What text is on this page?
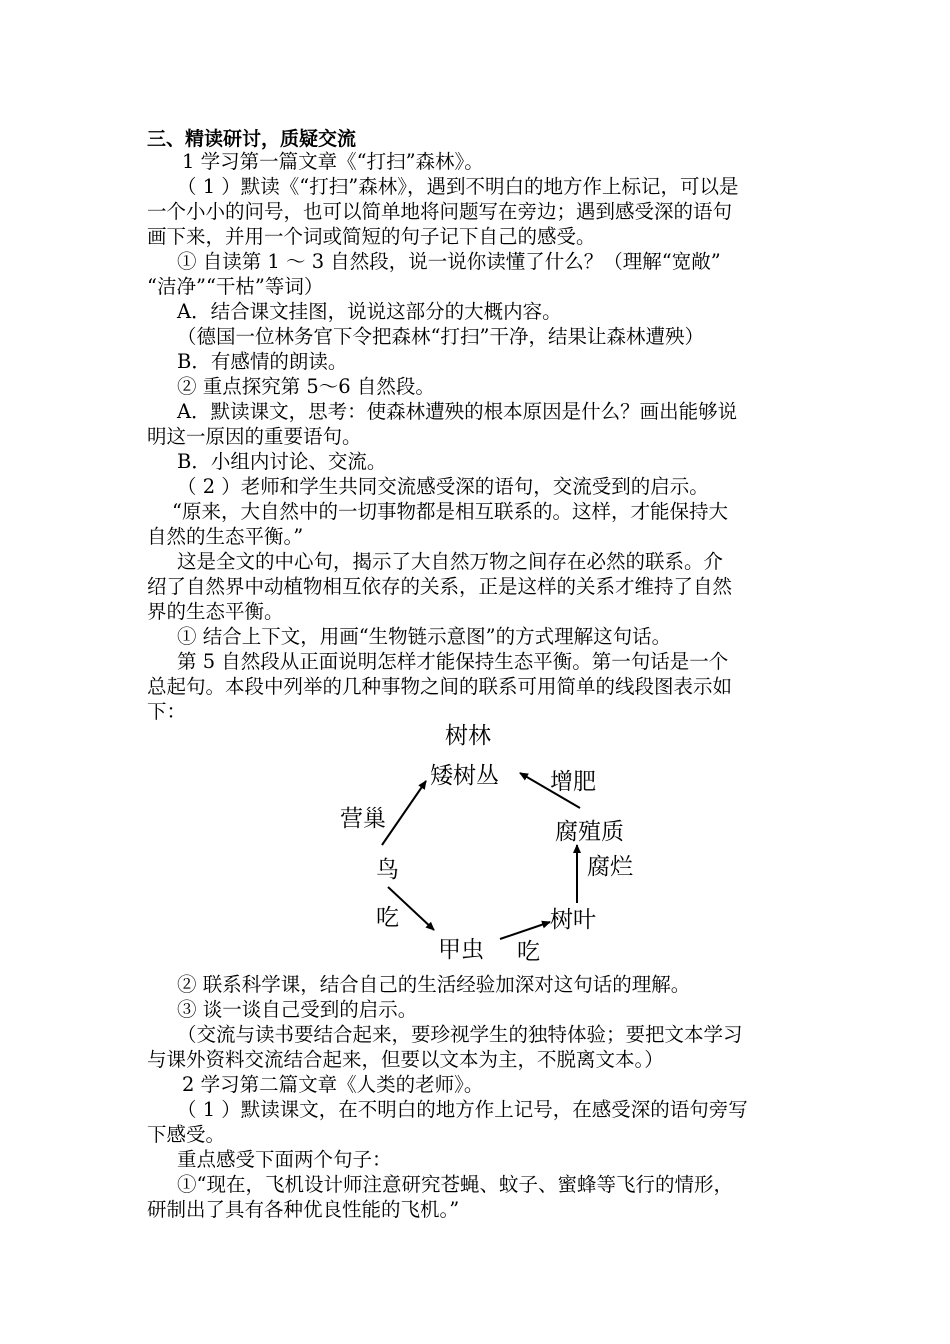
三、精读研讨，质疑交流
1 学习第一篇文章《“打扫”森林》。
（ 1 ）默读《“打扫”森林》，遇到不明白的地方作上标记，可以是
一个小小的问号，也可以简单地将问题写在旁边；遇到感受深的语句
画下来，并用一个词或简短的句子记下自己的感受。
① 自读第 1 ～ 3 自然段，说一说你读懂了什么？（理解“宽敞”
“洁净”“干枯”等词）
A．结合课文挂图，说说这部分的大概内容。
（德国一位林务官下令把森林“打扫”干净，结果让森林遭殃）
B．有感情的朗读。
② 重点探究第 5～6 自然段。
A．默读课文，思考：使森林遭殃的根本原因是什么？画出能够说
明这一原因的重要语句。
B．小组内讨论、交流。
（ 2 ）老师和学生共同交流感受深的语句，交流受到的启示。
“原来，大自然中的一切事物都是相互联系的。这样，才能保持大
自然的生态平衡。”
这是全文的中心句，揭示了大自然万物之间存在必然的联系。介
绍了自然界中动植物相互依存的关系，正是这样的关系才维持了自然
界的生态平衡。
① 结合上下文，用画“生物链示意图”的方式理解这句话。
第 5 自然段从正面说明怎样才能保持生态平衡。第一句话是一个
总起句。本段中列举的几种事物之间的联系可用简单的线段图表示如
下：
树林
矮树丛 增肥
营巢	腐殖质
鸟	腐烂
吃	树叶
甲虫 吃
② 联系科学课，结合自己的生活经验加深对这句话的理解。
③ 谈一谈自己受到的启示。
（交流与读书要结合起来，要珍视学生的独特体验；要把文本学习
与课外资料交流结合起来，但要以文本为主，不脱离文本。）
2 学习第二篇文章《人类的老师》。
（ 1 ）默读课文，在不明白的地方作上记号，在感受深的语句旁写
下感受。
重点感受下面两个句子：
①“现在，飞机设计师注意研究苍蝇、蚊子、蜜蜂等飞行的情形，
研制出了具有各种优良性能的飞机。”
